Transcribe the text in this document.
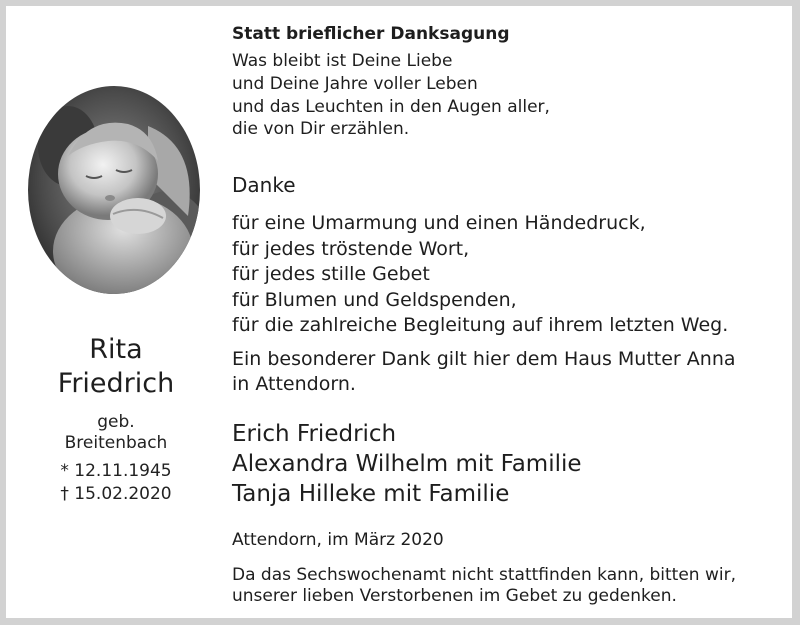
Rita
Friedrich
geb.
Breitenbach
* 12.11.1945
† 15.02.2020
Statt brieflicher Danksagung
Was bleibt ist Deine Liebe
und Deine Jahre voller Leben
und das Leuchten in den Augen aller,
die von Dir erzählen.
Danke
für eine Umarmung und einen Händedruck,
für jedes tröstende Wort,
für jedes stille Gebet
für Blumen und Geldspenden,
für die zahlreiche Begleitung auf ihrem letzten Weg.
Ein besonderer Dank gilt hier dem Haus Mutter Anna
in Attendorn.
Erich Friedrich
Alexandra Wilhelm mit Familie
Tanja Hilleke mit Familie
Attendorn, im März 2020
Da das Sechswochenamt nicht stattfinden kann, bitten wir,
unserer lieben Verstorbenen im Gebet zu gedenken.
